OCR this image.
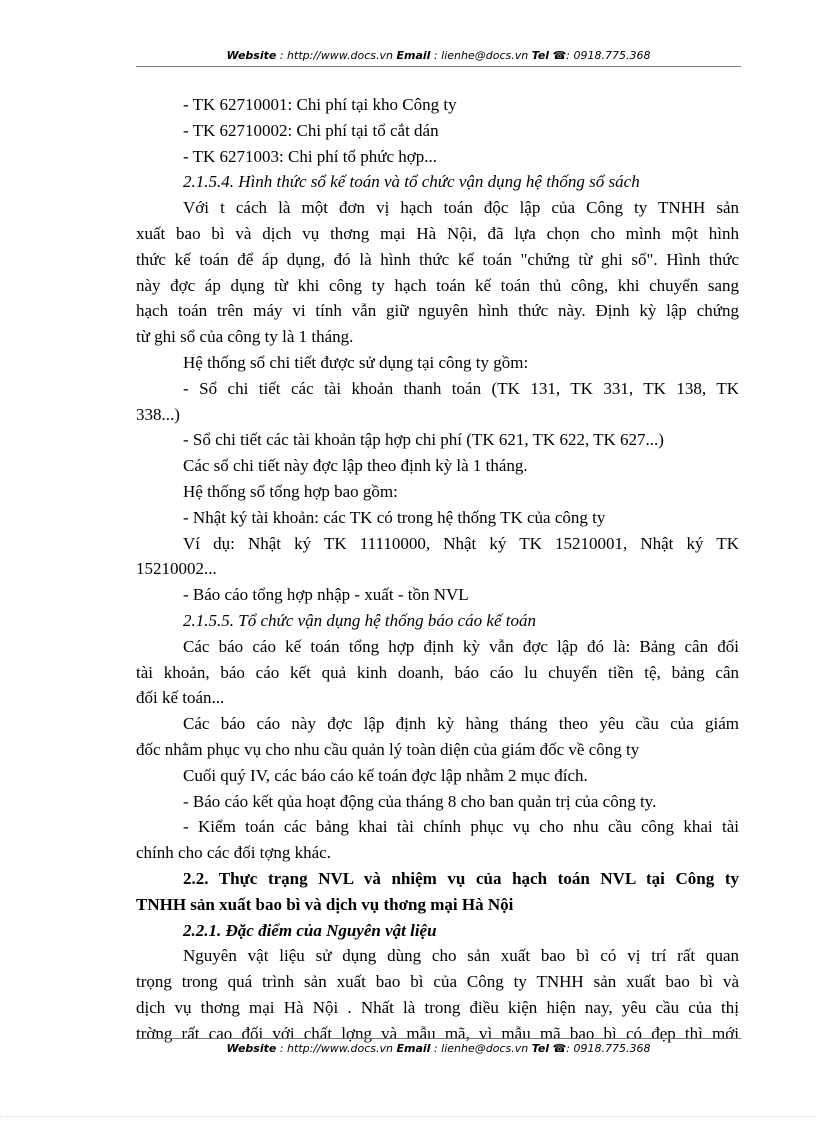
Website : http://www.docs.vn Email : lienhe@docs.vn Tel ☎: 0918.775.368
- TK 62710001: Chi phí tại kho Công ty
- TK 62710002: Chi phí tại tổ cắt dán
- TK 6271003: Chi phí tổ phức hợp...
2.1.5.4. Hình thức sổ kế toán và tổ chức vận dụng hệ thống sổ sách
Với t cách là một đơn vị hạch toán độc lập của Công ty TNHH sản
xuất bao bì và dịch vụ thơng mại Hà Nội, đã lựa chọn cho mình một hình
thức kế toán để áp dụng, đó là hình thức kế toán "chứng từ ghi sổ". Hình thức
này đợc áp dụng từ khi công ty hạch toán kế toán thủ công, khi chuyển sang
hạch toán trên máy vi tính vẫn giữ nguyên hình thức này. Định kỳ lập chứng
từ ghi sổ của công ty là 1 tháng.
Hệ thống sổ chi tiết được sử dụng tại công ty gồm:
- Sổ chi tiết các tài khoản thanh toán (TK 131, TK 331, TK 138, TK
338...)
- Sổ chi tiết các tài khoản tập hợp chi phí (TK 621, TK 622, TK 627...)
Các sổ chi tiết này đợc lập theo định kỳ là 1 tháng.
Hệ thống sổ tổng hợp bao gồm:
- Nhật ký tài khoản: các TK có trong hệ thống TK của công ty
Ví dụ: Nhật ký TK 11110000, Nhật ký TK 15210001, Nhật ký TK
15210002...
- Báo cáo tổng hợp nhập - xuất - tồn NVL
2.1.5.5. Tổ chức vận dụng hệ thống báo cáo kế toán
Các báo cáo kế toán tổng hợp định kỳ vẫn đợc lập đó là: Bảng cân đối
tài khoản, báo cáo kết quả kinh doanh, báo cáo lu chuyển tiền tệ, bảng cân
đối kế toán...
Các báo cáo này đợc lập định kỳ hàng tháng theo yêu cầu của giám
đốc nhằm phục vụ cho nhu cầu quản lý toàn diện của giám đốc về công ty
Cuối quý IV, các báo cáo kế toán đợc lập nhằm 2 mục đích.
- Báo cáo kết qủa hoạt động của tháng 8 cho ban quản trị của công ty.
- Kiểm toán các bảng khai tài chính phục vụ cho nhu cầu công khai tài
chính cho các đối tợng khác.
2.2. Thực trạng NVL và nhiệm vụ của hạch toán NVL tại Công ty
TNHH sản xuất bao bì và dịch vụ thơng mại Hà Nội
2.2.1. Đặc điểm của Nguyên vật liệu
Nguyên vật liệu sử dụng dùng cho sản xuất bao bì có vị trí rất quan
trọng trong quá trình sản xuất bao bì của Công ty TNHH sản xuất bao bì và
dịch vụ thơng mại Hà Nội . Nhất là trong điều kiện hiện nay, yêu cầu của thị
trờng rất cao đối với chất lợng và mẫu mã, vì mẫu mã bao bì có đẹp thì mới
Website : http://www.docs.vn Email : lienhe@docs.vn Tel ☎: 0918.775.368
